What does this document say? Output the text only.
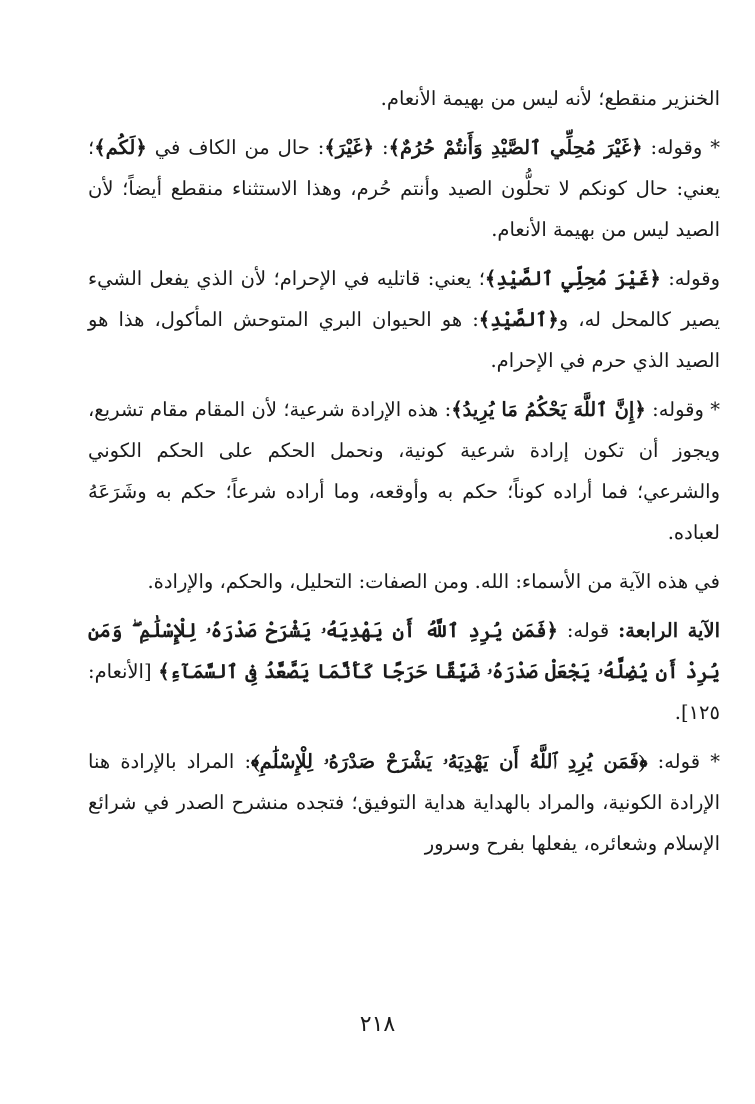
الخنزير منقطع؛ لأنه ليس من بهيمة الأنعام.

* وقوله: ﴿غَيْرَ مُحِلِّي ٱلصَّيْدِ وَأَنتُمْ حُرُمٌ﴾: ﴿غَيْرَ﴾: حال من الكاف في ﴿لَكُم﴾؛ يعني: حال كونكم لا تحلُّون الصيد وأنتم حُرم، وهذا الاستثناء منقطع أيضاً؛ لأن الصيد ليس من بهيمة الأنعام.

وقوله: ﴿غَيْرَ مُحِلِّي ٱلصَّيْدِ﴾؛ يعني: قاتليه في الإحرام؛ لأن الذي يفعل الشيء يصير كالمحل له، و﴿ٱلصَّيْدِ﴾: هو الحيوان البري المتوحش المأكول، هذا هو الصيد الذي حرم في الإحرام.

* وقوله: ﴿إِنَّ ٱللَّهَ يَحْكُمُ مَا يُرِيدُ﴾: هذه الإرادة شرعية؛ لأن المقام مقام تشريع، ويجوز أن تكون إرادة شرعية كونية، ونحمل الحكم على الحكم الكوني والشرعي؛ فما أراده كوناً؛ حكم به وأوقعه، وما أراده شرعاً؛ حكم به وشَرَعَهُ لعباده.

في هذه الآية من الأسماء: الله. ومن الصفات: التحليل، والحكم، والإرادة.

الآية الرابعة: قوله: ﴿فَمَن يُرِدِ ٱللَّهُ أَن يَهْدِيَهُۥ يَشْرَحْ صَدْرَهُۥ لِلْإِسْلَٰمِ ۖ وَمَن يُرِدْ أَن يُضِلَّهُۥ يَجْعَلْ صَدْرَهُۥ ضَيِّقًا حَرَجًا كَأَنَّمَا يَصَّعَّدُ فِى ٱلسَّمَآءِ﴾ [الأنعام: ١٢٥].

* قوله: ﴿فَمَن يُرِدِ ٱللَّهُ أَن يَهْدِيَهُۥ يَشْرَحْ صَدْرَهُۥ لِلْإِسْلَٰمِ﴾: المراد بالإرادة هنا الإرادة الكونية، والمراد بالهداية هداية التوفيق؛ فتجده منشرح الصدر في شرائع الإسلام وشعائره، يفعلها بفرح وسرور

٢١٨
